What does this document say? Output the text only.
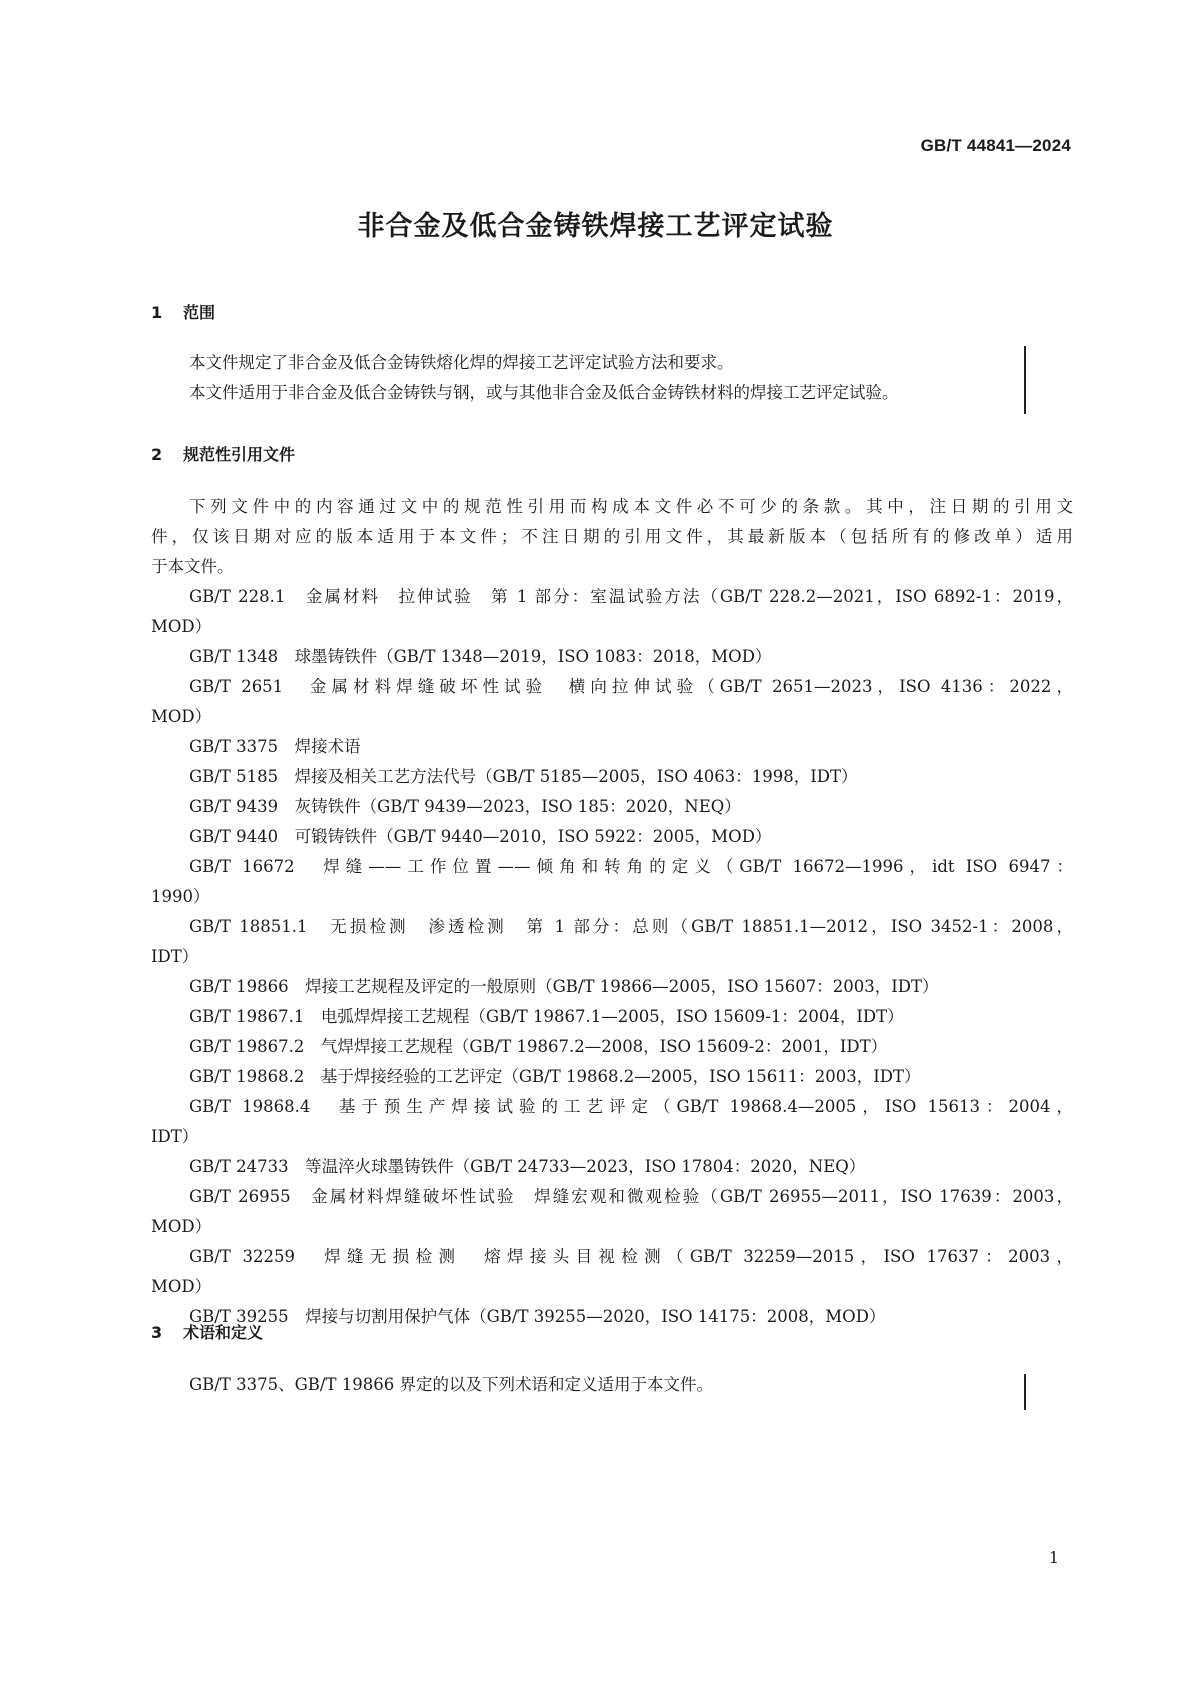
GB/T 44841—2024
非合金及低合金铸铁焊接工艺评定试验
1 范围
本文件规定了非合金及低合金铸铁熔化焊的焊接工艺评定试验方法和要求。
本文件适用于非合金及低合金铸铁与钢，或与其他非合金及低合金铸铁材料的焊接工艺评定试验。
2 规范性引用文件
下列文件中的内容通过文中的规范性引用而构成本文件必不可少的条款。其中，注日期的引用文
件，仅该日期对应的版本适用于本文件；不注日期的引用文件，其最新版本（包括所有的修改单）适用
于本文件。
GB/T 228.1　金属材料　拉伸试验　第 1 部分：室温试验方法（GB/T 228.2—2021，ISO 6892-1：2019，
MOD）
GB/T 1348　球墨铸铁件（GB/T 1348—2019，ISO 1083：2018，MOD）
GB/T 2651　金属材料焊缝破坏性试验　横向拉伸试验（GB/T 2651—2023，ISO 4136：2022，
MOD）
GB/T 3375　焊接术语
GB/T 5185　焊接及相关工艺方法代号（GB/T 5185—2005，ISO 4063：1998，IDT）
GB/T 9439　灰铸铁件（GB/T 9439—2023，ISO 185：2020，NEQ）
GB/T 9440　可锻铸铁件（GB/T 9440—2010，ISO 5922：2005，MOD）
GB/T 16672　焊缝——工作位置——倾角和转角的定义（GB/T 16672—1996，idt ISO 6947：
1990）
GB/T 18851.1　无损检测　渗透检测　第 1 部分：总则（GB/T 18851.1—2012，ISO 3452-1：2008，
IDT）
GB/T 19866　焊接工艺规程及评定的一般原则（GB/T 19866—2005，ISO 15607：2003，IDT）
GB/T 19867.1　电弧焊焊接工艺规程（GB/T 19867.1—2005，ISO 15609-1：2004，IDT）
GB/T 19867.2　气焊焊接工艺规程（GB/T 19867.2—2008，ISO 15609-2：2001，IDT）
GB/T 19868.2　基于焊接经验的工艺评定（GB/T 19868.2—2005，ISO 15611：2003，IDT）
GB/T 19868.4　基于预生产焊接试验的工艺评定（GB/T 19868.4—2005，ISO 15613：2004，
IDT）
GB/T 24733　等温淬火球墨铸铁件（GB/T 24733—2023，ISO 17804：2020，NEQ）
GB/T 26955　金属材料焊缝破坏性试验　焊缝宏观和微观检验（GB/T 26955—2011，ISO 17639：2003，
MOD）
GB/T 32259　焊缝无损检测　熔焊接头目视检测（GB/T 32259—2015，ISO 17637：2003，
MOD）
GB/T 39255　焊接与切割用保护气体（GB/T 39255—2020，ISO 14175：2008，MOD）
3 术语和定义
GB/T 3375、GB/T 19866 界定的以及下列术语和定义适用于本文件。
1
